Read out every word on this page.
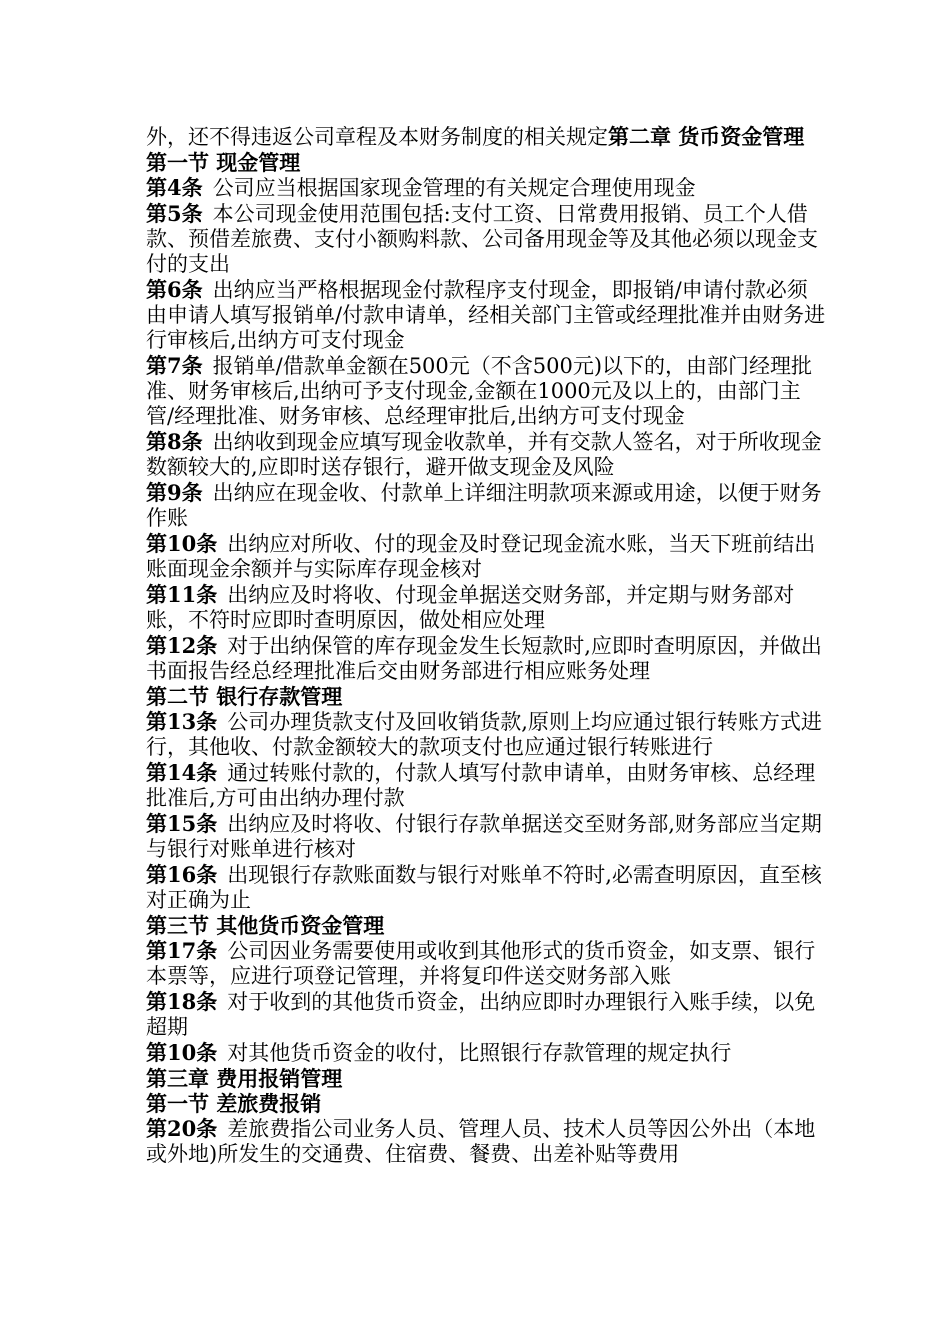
外，还不得违返公司章程及本财务制度的相关规定第二章 货币资金管理

第一节 现金管理

第4条 公司应当根据国家现金管理的有关规定合理使用现金

第5条 本公司现金使用范围包括:支付工资、日常费用报销、员工个人借款、预借差旅费、支付小额购料款、公司备用现金等及其他必须以现金支付的支出

第6条 出纳应当严格根据现金付款程序支付现金，即报销/申请付款必须由申请人填写报销单/付款申请单，经相关部门主管或经理批准并由财务进行审核后,出纳方可支付现金

第7条 报销单/借款单金额在500元（不含500元)以下的，由部门经理批准、财务审核后,出纳可予支付现金,金额在1000元及以上的，由部门主管/经理批准、财务审核、总经理审批后,出纳方可支付现金

第8条 出纳收到现金应填写现金收款单，并有交款人签名，对于所收现金数额较大的,应即时送存银行，避开做支现金及风险

第9条 出纳应在现金收、付款单上详细注明款项来源或用途，以便于财务作账

第10条 出纳应对所收、付的现金及时登记现金流水账，当天下班前结出账面现金余额并与实际库存现金核对

第11条 出纳应及时将收、付现金单据送交财务部，并定期与财务部对账，不符时应即时查明原因，做处相应处理

第12条 对于出纳保管的库存现金发生长短款时,应即时查明原因，并做出书面报告经总经理批准后交由财务部进行相应账务处理

第二节 银行存款管理

第13条 公司办理货款支付及回收销货款,原则上均应通过银行转账方式进行，其他收、付款金额较大的款项支付也应通过银行转账进行

第14条 通过转账付款的，付款人填写付款申请单，由财务审核、总经理批准后,方可由出纳办理付款

第15条 出纳应及时将收、付银行存款单据送交至财务部,财务部应当定期与银行对账单进行核对

第16条 出现银行存款账面数与银行对账单不符时,必需查明原因，直至核对正确为止

第三节 其他货币资金管理

第17条 公司因业务需要使用或收到其他形式的货币资金，如支票、银行本票等，应进行项登记管理，并将复印件送交财务部入账

第18条 对于收到的其他货币资金，出纳应即时办理银行入账手续，以免超期

第10条 对其他货币资金的收付，比照银行存款管理的规定执行

第三章 费用报销管理

第一节 差旅费报销

第20条 差旅费指公司业务人员、管理人员、技术人员等因公外出（本地或外地)所发生的交通费、住宿费、餐费、出差补贴等费用
